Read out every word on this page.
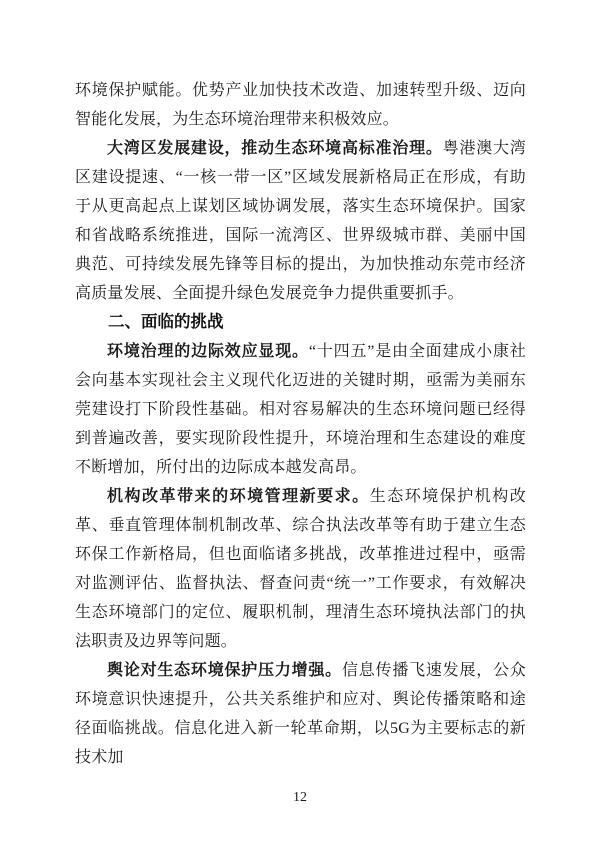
环境保护赋能。优势产业加快技术改造、加速转型升级、迈向智能化发展，为生态环境治理带来积极效应。

大湾区发展建设，推动生态环境高标准治理。粤港澳大湾区建设提速、“一核一带一区”区域发展新格局正在形成，有助于从更高起点上谋划区域协调发展，落实生态环境保护。国家和省战略系统推进，国际一流湾区、世界级城市群、美丽中国典范、可持续发展先锋等目标的提出，为加快推动东莞市经济高质量发展、全面提升绿色发展竞争力提供重要抓手。

二、面临的挑战

环境治理的边际效应显现。“十四五”是由全面建成小康社会向基本实现社会主义现代化迈进的关键时期，亟需为美丽东莞建设打下阶段性基础。相对容易解决的生态环境问题已经得到普遍改善，要实现阶段性提升，环境治理和生态建设的难度不断增加，所付出的边际成本越发高昂。

机构改革带来的环境管理新要求。生态环境保护机构改革、垂直管理体制机制改革、综合执法改革等有助于建立生态环保工作新格局，但也面临诸多挑战，改革推进过程中，亟需对监测评估、监督执法、督查问责“统一”工作要求，有效解决生态环境部门的定位、履职机制，理清生态环境执法部门的执法职责及边界等问题。

舆论对生态环境保护压力增强。信息传播飞速发展，公众环境意识快速提升，公共关系维护和应对、舆论传播策略和途径面临挑战。信息化进入新一轮革命期，以5G为主要标志的新技术加

12
